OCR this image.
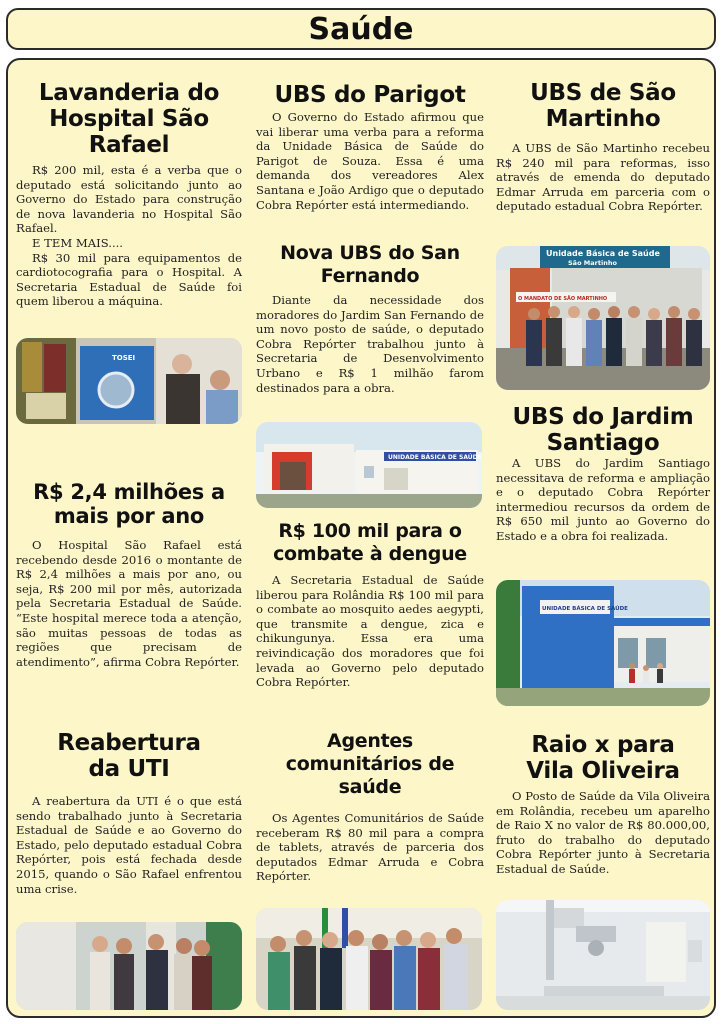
Saúde
Lavanderia do Hospital São Rafael

R$ 200 mil, esta é a verba que o deputado está solicitando junto ao Governo do Estado para construção de nova lavanderia no Hospital São Rafael.

E TEM MAIS....

R$ 30 mil para equipamentos de cardiotocografia para o Hospital. A Secretaria Estadual de Saúde foi quem liberou a máquina.

TOSEI
R$ 2,4 milhões a mais por ano

O Hospital São Rafael está recebendo desde 2016 o montante de R$ 2,4 milhões a mais por ano, ou seja, R$ 200 mil por mês, autorizada pela Secretaria Estadual de Saúde. “Este hospital merece toda a atenção, são muitas pessoas de todas as regiões que precisam de atendimento”, afirma Cobra Repórter.

Reabertura da UTI

A reabertura da UTI é o que está sendo trabalhado junto à Secretaria Estadual de Saúde e ao Governo do Estado, pelo deputado estadual Cobra Repórter, pois está fechada desde 2015, quando o São Rafael enfrentou uma crise.

UBS do Parigot

O Governo do Estado afirmou que vai liberar uma verba para a reforma da Unidade Básica de Saúde do Parigot de Souza. Essa é uma demanda dos vereadores Alex Santana e João Ardigo que o deputado Cobra Repórter está intermediando.

Nova UBS do San Fernando

Diante da necessidade dos moradores do Jardim San Fernando de um novo posto de saúde, o deputado Cobra Repórter trabalhou junto à Secretaria de Desenvolvimento Urbano e R$ 1 milhão farom destinados para a obra.

UNIDADE BÁSICA DE SAÚDE
R$ 100 mil para o combate à dengue

A Secretaria Estadual de Saúde liberou para Rolândia R$ 100 mil para o combate ao mosquito aedes aegypti, que transmite a dengue, zica e chikungunya. Essa era uma reivindicação dos moradores que foi levada ao Governo pelo deputado Cobra Repórter.

Agentes comunitários de saúde

Os Agentes Comunitários de Saúde receberam R$ 80 mil para a compra de tablets, através de parceria dos deputados Edmar Arruda e Cobra Repórter.

UBS de São Martinho

A UBS de São Martinho recebeu R$ 240 mil para reformas, isso através de emenda do deputado Edmar Arruda em parceria com o deputado estadual Cobra Repórter.

Unidade Básica de Saúde
São Martinho
O MANDATO DE SÃO MARTINHO
UBS do Jardim Santiago

A UBS do Jardim Santiago necessitava de reforma e ampliação e o deputado Cobra Repórter intermediou recursos da ordem de R$ 650 mil junto ao Governo do Estado e a obra foi realizada.

UNIDADE BÁSICA DE SAÚDE
Raio x para Vila Oliveira

O Posto de Saúde da Vila Oliveira em Rolândia, recebeu um aparelho de Raio X no valor de R$ 80.000,00, fruto do trabalho do deputado Cobra Repórter junto à Secretaria Estadual de Saúde.
